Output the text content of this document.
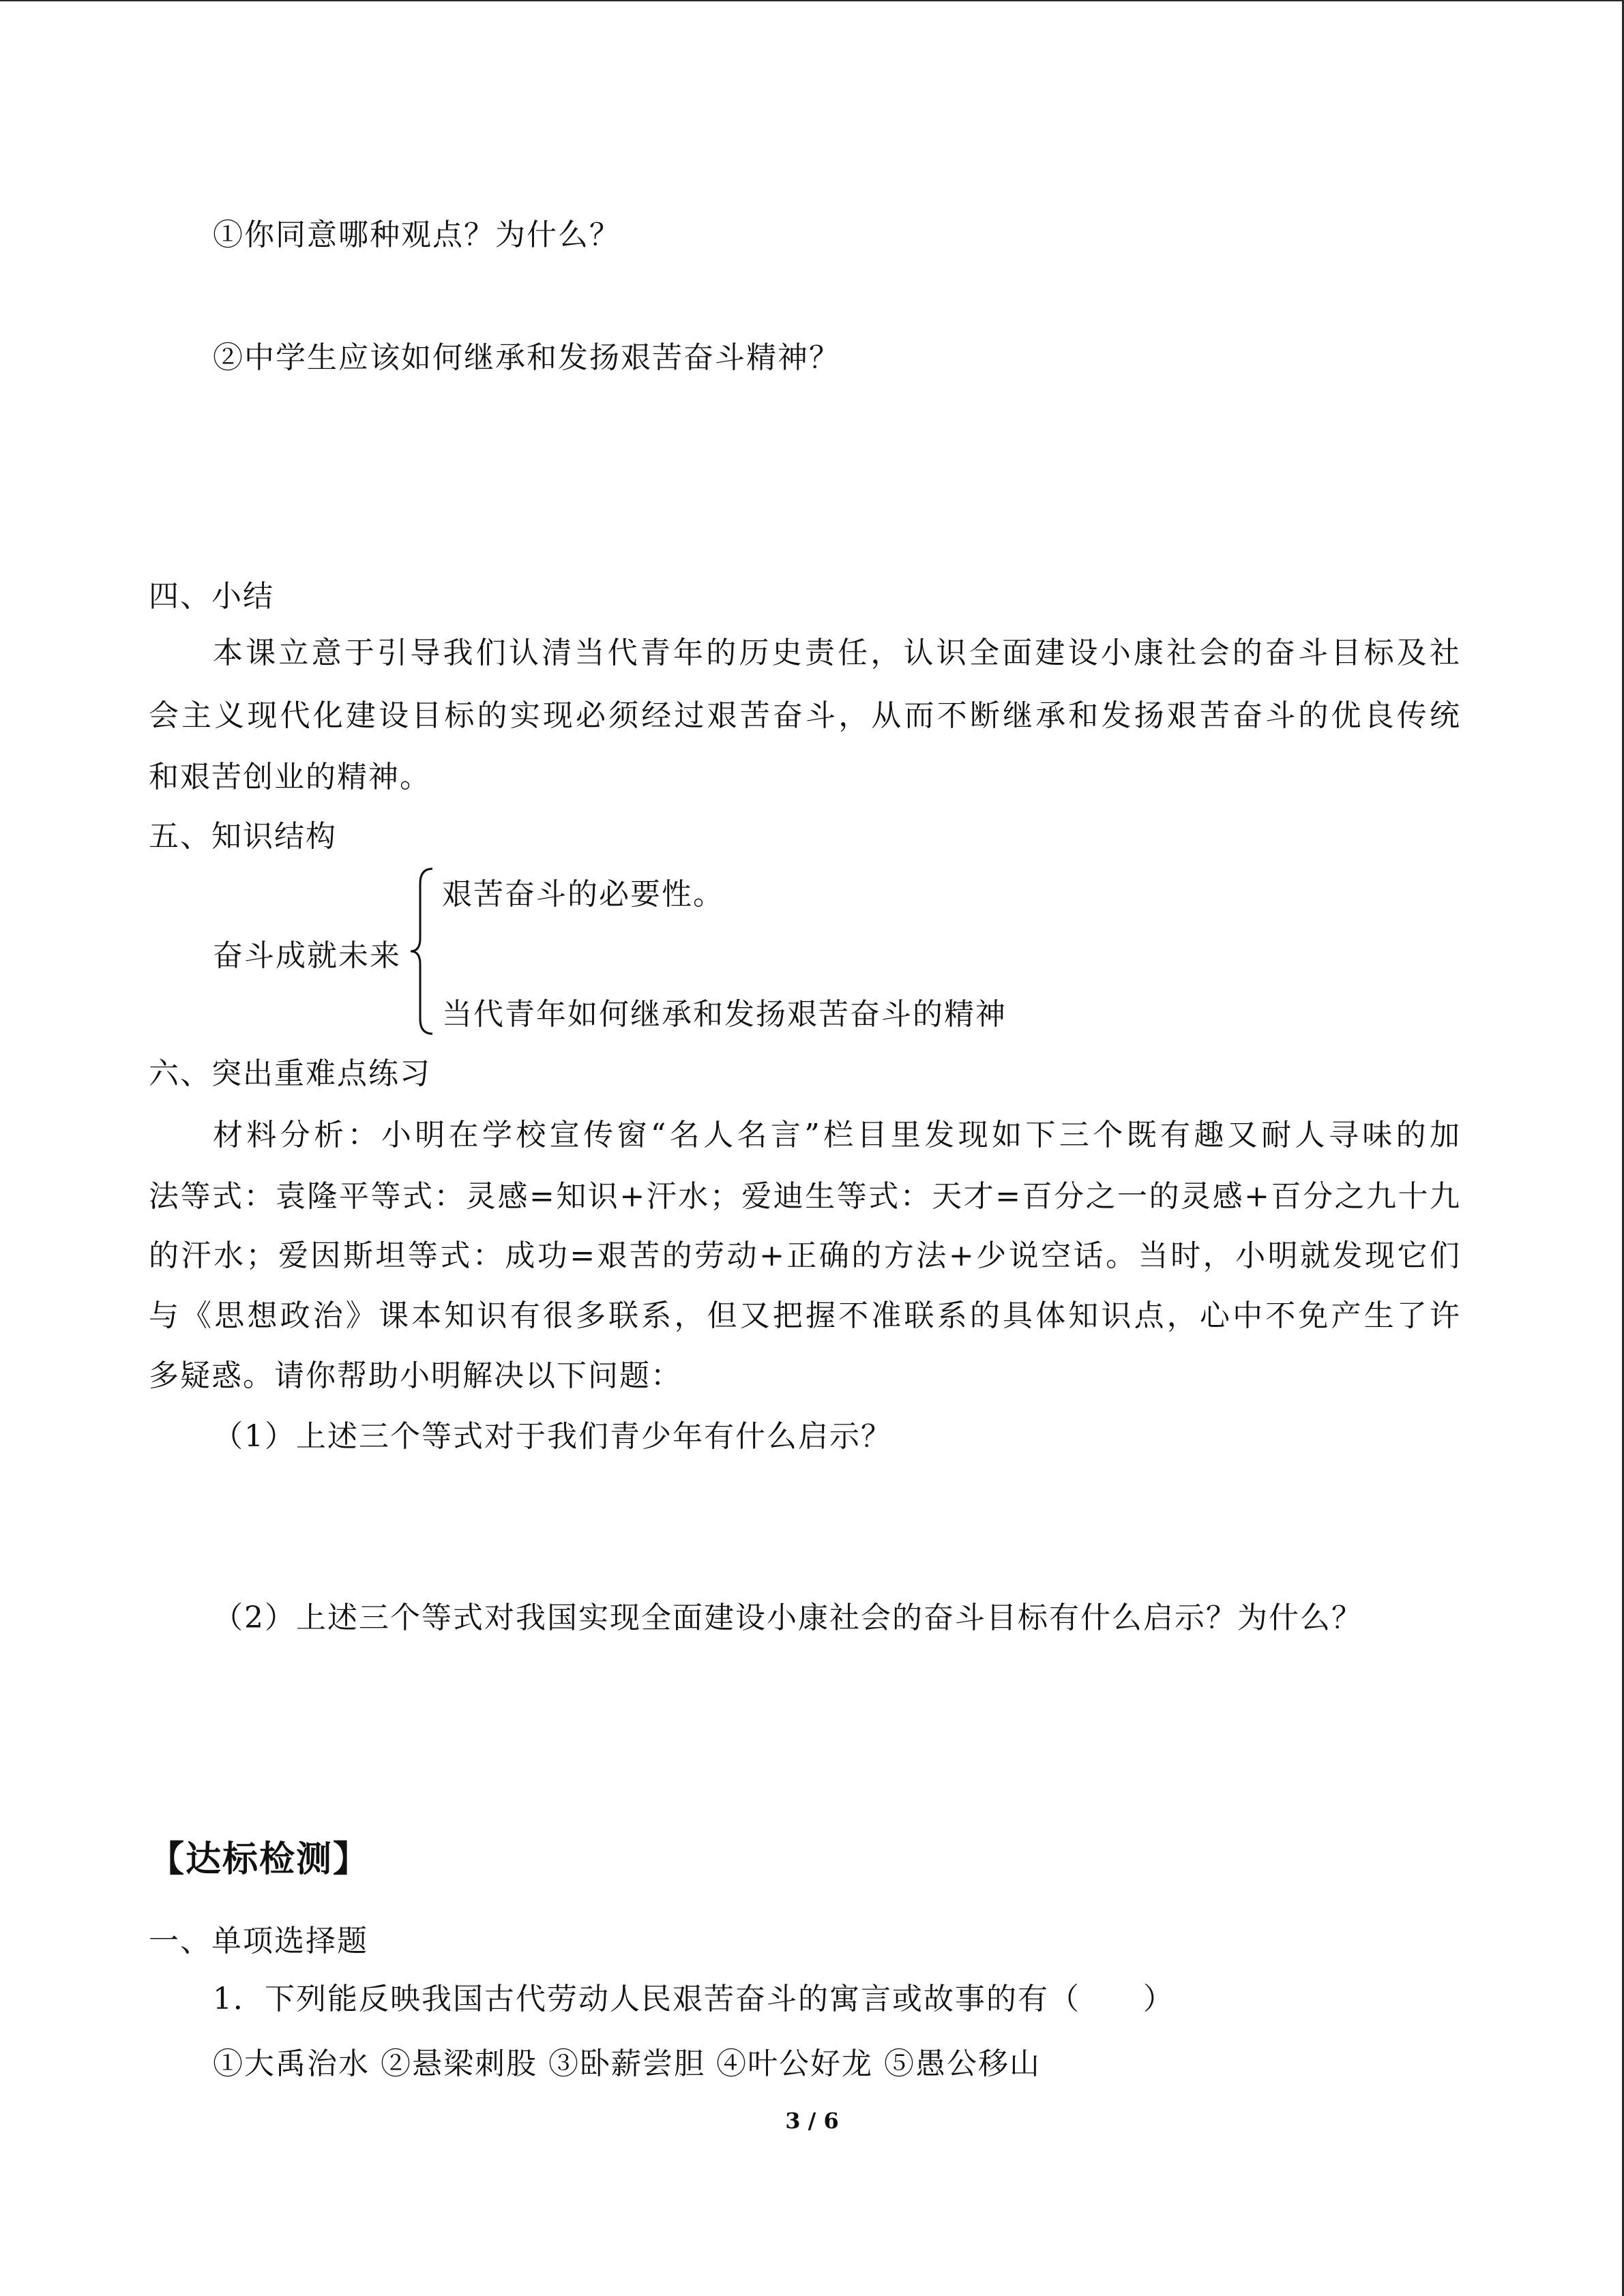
①你同意哪种观点？为什么？
②中学生应该如何继承和发扬艰苦奋斗精神？
四、小结
本课立意于引导我们认清当代青年的历史责任，认识全面建设小康社会的奋斗目标及社
会主义现代化建设目标的实现必须经过艰苦奋斗，从而不断继承和发扬艰苦奋斗的优良传统
和艰苦创业的精神。
五、知识结构
奋斗成就未来
艰苦奋斗的必要性。
当代青年如何继承和发扬艰苦奋斗的精神
六、突出重难点练习
材料分析：小明在学校宣传窗“名人名言”栏目里发现如下三个既有趣又耐人寻味的加
法等式：袁隆平等式：灵感=知识+汗水；爱迪生等式：天才=百分之一的灵感+百分之九十九
的汗水；爱因斯坦等式：成功=艰苦的劳动+正确的方法+少说空话。当时，小明就发现它们
与《思想政治》课本知识有很多联系，但又把握不准联系的具体知识点，心中不免产生了许
多疑惑。请你帮助小明解决以下问题：
（1）上述三个等式对于我们青少年有什么启示？
（2）上述三个等式对我国实现全面建设小康社会的奋斗目标有什么启示？为什么？
【达标检测】
一、单项选择题
1．下列能反映我国古代劳动人民艰苦奋斗的寓言或故事的有（　　）
①大禹治水 ②悬梁刺股 ③卧薪尝胆 ④叶公好龙 ⑤愚公移山
3 / 6
